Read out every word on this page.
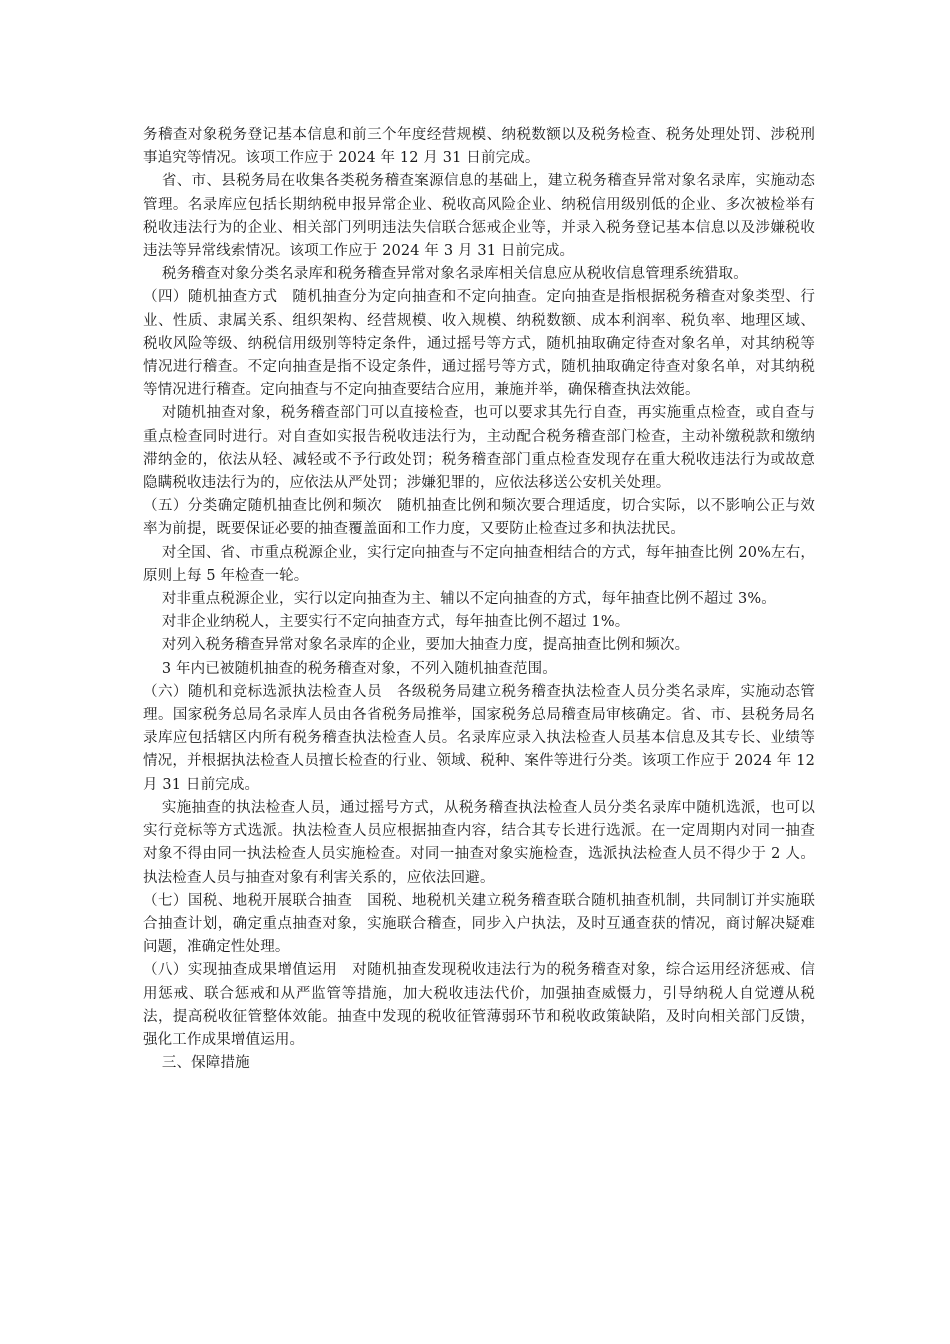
务稽查对象税务登记基本信息和前三个年度经营规模、纳税数额以及税务检查、税务处理处罚、涉税刑事追究等情况。该项工作应于 2024 年 12 月 31 日前完成。

省、市、县税务局在收集各类税务稽查案源信息的基础上，建立税务稽查异常对象名录库，实施动态管理。名录库应包括长期纳税申报异常企业、税收高风险企业、纳税信用级别低的企业、多次被检举有税收违法行为的企业、相关部门列明违法失信联合惩戒企业等，并录入税务登记基本信息以及涉嫌税收违法等异常线索情况。该项工作应于 2024 年 3 月 31 日前完成。

税务稽查对象分类名录库和税务稽查异常对象名录库相关信息应从税收信息管理系统猎取。

（四）随机抽查方式　随机抽查分为定向抽查和不定向抽查。定向抽查是指根据税务稽查对象类型、行业、性质、隶属关系、组织架构、经营规模、收入规模、纳税数额、成本利润率、税负率、地理区域、税收风险等级、纳税信用级别等特定条件，通过摇号等方式，随机抽取确定待查对象名单，对其纳税等情况进行稽查。不定向抽查是指不设定条件，通过摇号等方式，随机抽取确定待查对象名单，对其纳税等情况进行稽查。定向抽查与不定向抽查要结合应用，兼施并举，确保稽查执法效能。

对随机抽查对象，税务稽查部门可以直接检查，也可以要求其先行自查，再实施重点检查，或自查与重点检查同时进行。对自查如实报告税收违法行为，主动配合税务稽查部门检查，主动补缴税款和缴纳滞纳金的，依法从轻、减轻或不予行政处罚；税务稽查部门重点检查发现存在重大税收违法行为或故意隐瞒税收违法行为的，应依法从严处罚；涉嫌犯罪的，应依法移送公安机关处理。

（五）分类确定随机抽查比例和频次　随机抽查比例和频次要合理适度，切合实际，以不影响公正与效率为前提，既要保证必要的抽查覆盖面和工作力度，又要防止检查过多和执法扰民。

对全国、省、市重点税源企业，实行定向抽查与不定向抽查相结合的方式，每年抽查比例 20%左右，原则上每 5 年检查一轮。

对非重点税源企业，实行以定向抽查为主、辅以不定向抽查的方式，每年抽查比例不超过 3%。

对非企业纳税人，主要实行不定向抽查方式，每年抽查比例不超过 1%。

对列入税务稽查异常对象名录库的企业，要加大抽查力度，提高抽查比例和频次。

3 年内已被随机抽查的税务稽查对象，不列入随机抽查范围。

（六）随机和竞标选派执法检查人员　各级税务局建立税务稽查执法检查人员分类名录库，实施动态管理。国家税务总局名录库人员由各省税务局推举，国家税务总局稽查局审核确定。省、市、县税务局名录库应包括辖区内所有税务稽查执法检查人员。名录库应录入执法检查人员基本信息及其专长、业绩等情况，并根据执法检查人员擅长检查的行业、领域、税种、案件等进行分类。该项工作应于 2024 年 12 月 31 日前完成。

实施抽查的执法检查人员，通过摇号方式，从税务稽查执法检查人员分类名录库中随机选派，也可以实行竞标等方式选派。执法检查人员应根据抽查内容，结合其专长进行选派。在一定周期内对同一抽查对象不得由同一执法检查人员实施检查。对同一抽查对象实施检查，选派执法检查人员不得少于 2 人。执法检查人员与抽查对象有利害关系的，应依法回避。

（七）国税、地税开展联合抽查　国税、地税机关建立税务稽查联合随机抽查机制，共同制订并实施联合抽查计划，确定重点抽查对象，实施联合稽查，同步入户执法，及时互通查获的情况，商讨解决疑难问题，准确定性处理。

（八）实现抽查成果增值运用　对随机抽查发现税收违法行为的税务稽查对象，综合运用经济惩戒、信用惩戒、联合惩戒和从严监管等措施，加大税收违法代价，加强抽查威慑力，引导纳税人自觉遵从税法，提高税收征管整体效能。抽查中发现的税收征管薄弱环节和税收政策缺陷，及时向相关部门反馈，强化工作成果增值运用。

三、保障措施
